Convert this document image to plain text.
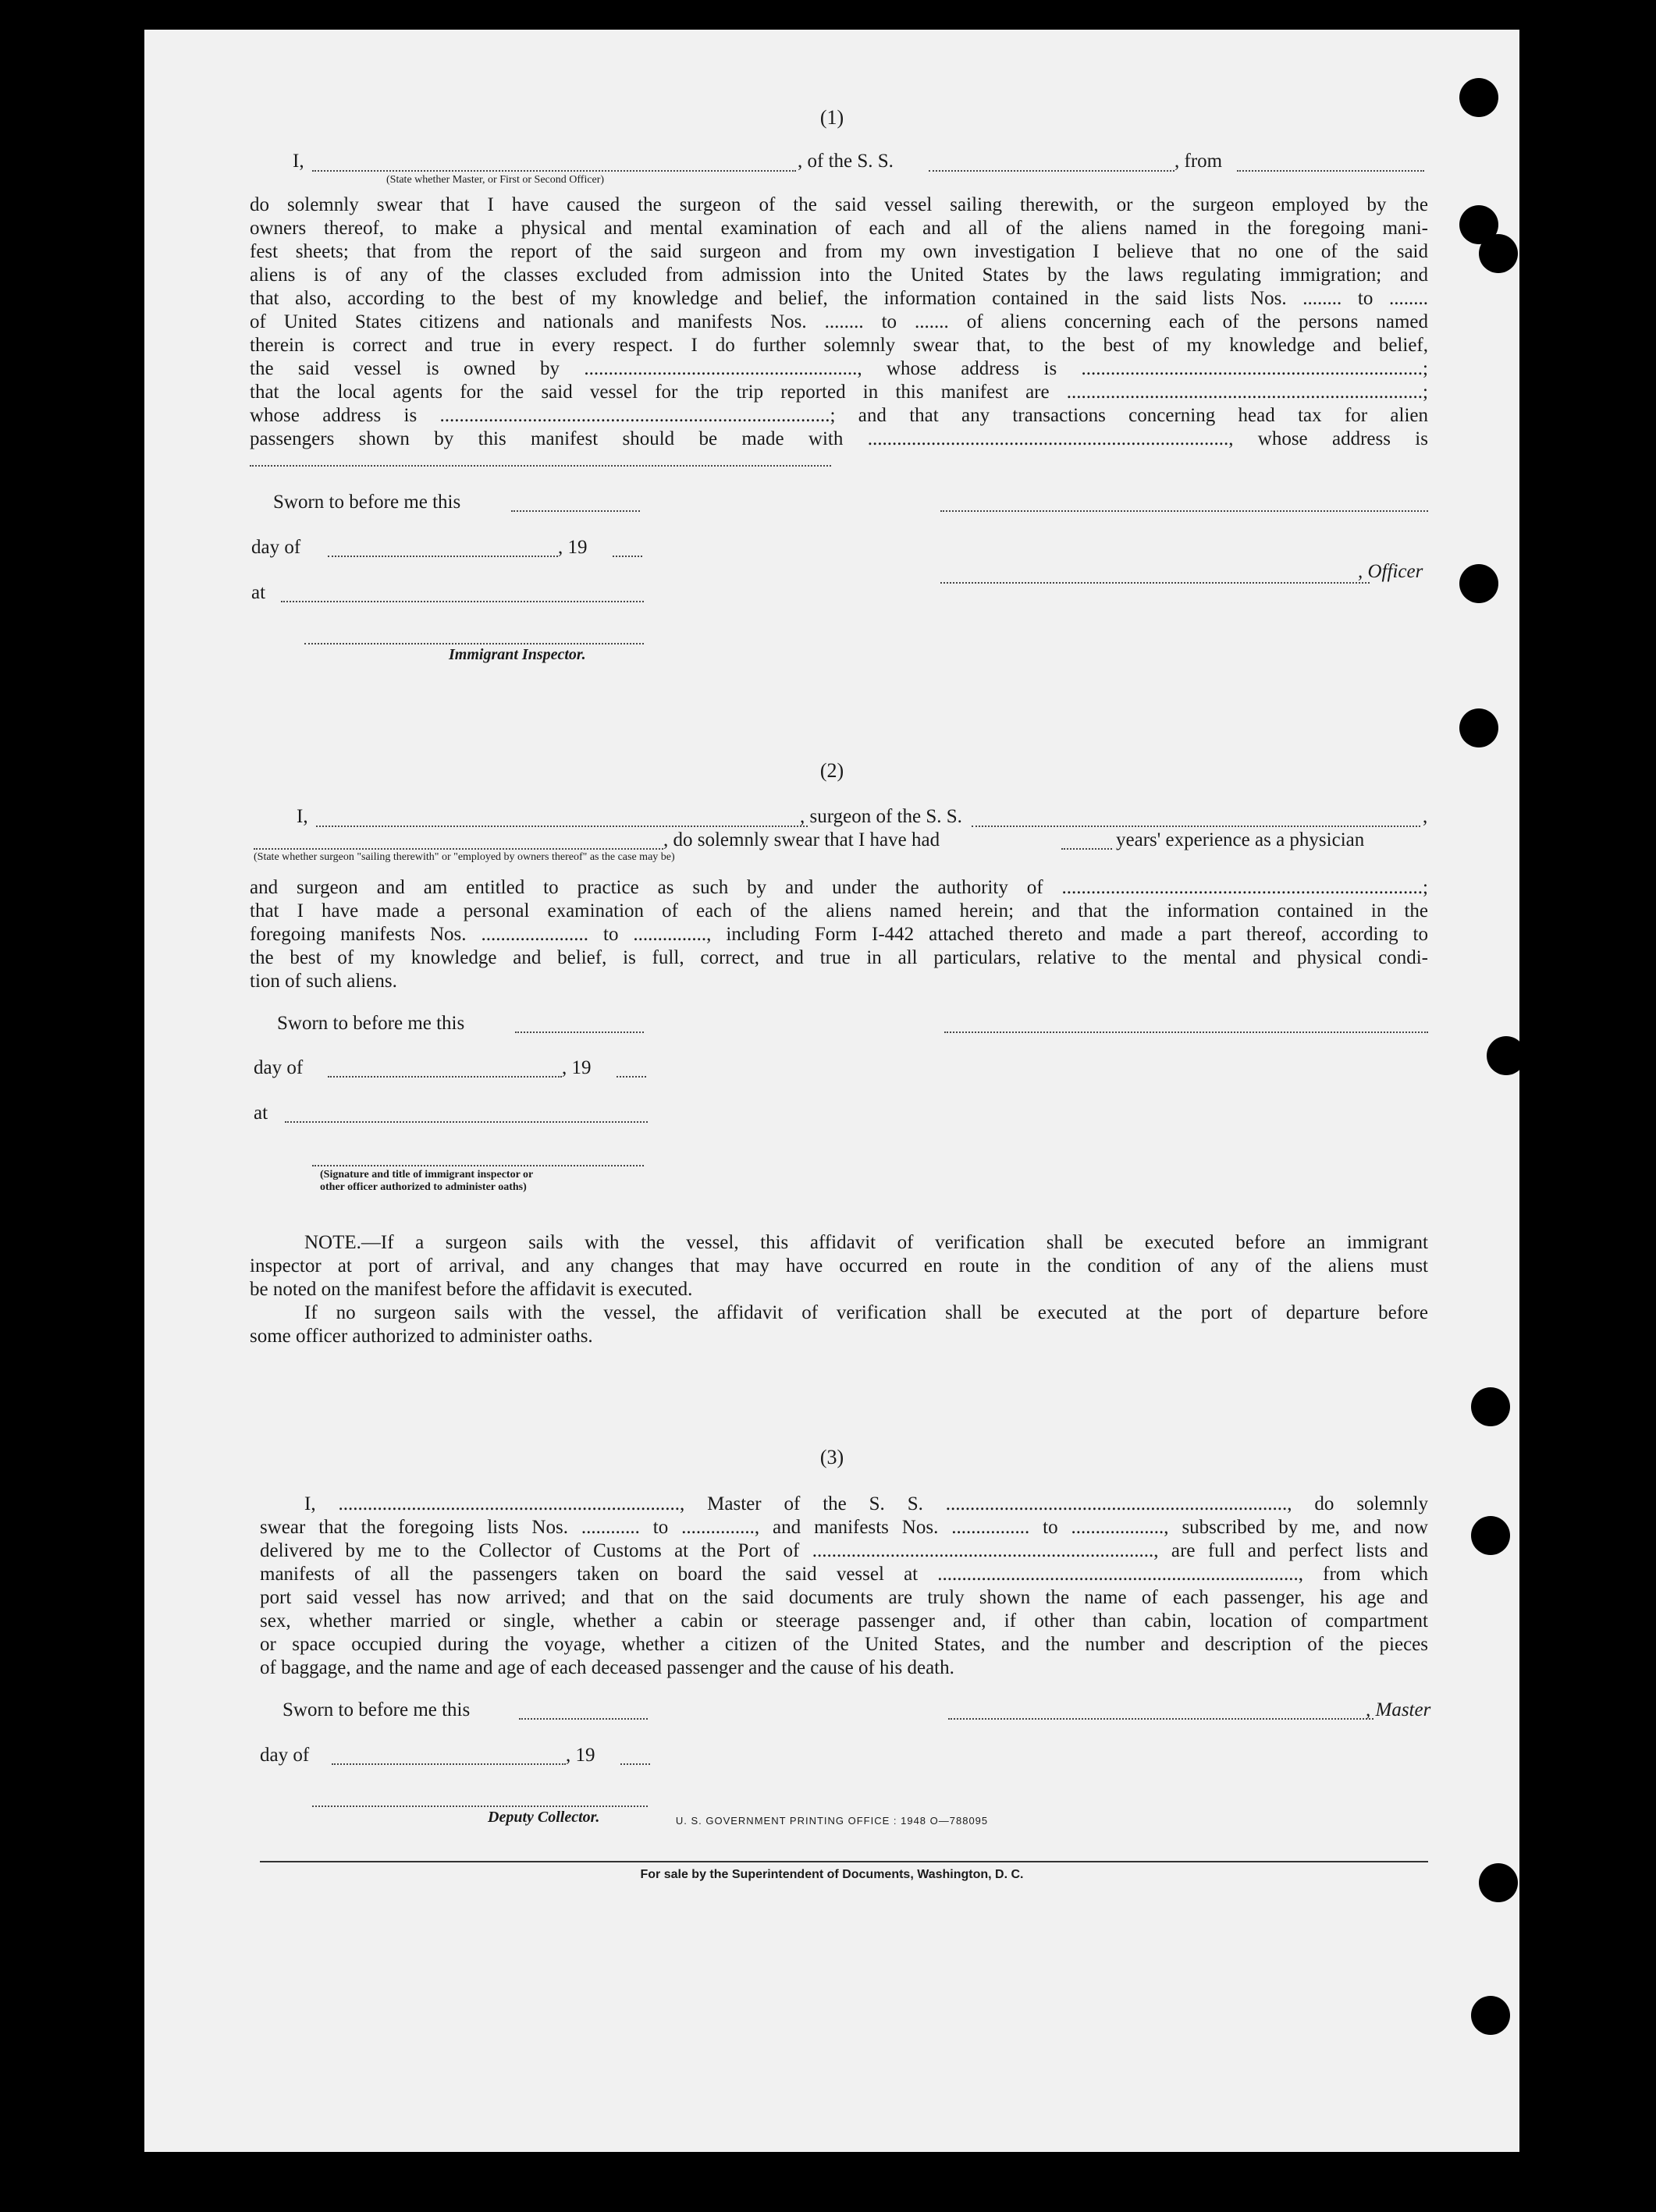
(1)
I,	, of the S. S.	, from
(State whether Master, or First or Second Officer)
do solemnly swear that I have caused the surgeon of the said vessel sailing therewith, or the surgeon employed by the
owners thereof, to make a physical and mental examination of each and all of the aliens named in the foregoing mani-
fest sheets; that from the report of the said surgeon and from my own investigation I believe that no one of the said
aliens is of any of the classes excluded from admission into the United States by the laws regulating immigration; and
that also, according to the best of my knowledge and belief, the information contained in the said lists Nos. ........ to ........
of United States citizens and nationals and manifests Nos. ........ to ....... of aliens concerning each of the persons named
therein is correct and true in every respect. I do further solemnly swear that, to the best of my knowledge and belief,
the said vessel is owned by ........................................................, whose address is ......................................................................;
that the local agents for the said vessel for the trip reported in this manifest are .........................................................................;
whose address is ................................................................................; and that any transactions concerning head tax for alien
passengers shown by this manifest should be made with .........................................................................., whose address is
Sworn to before me this
day of	, 19
, Officer
at
Immigrant Inspector.
(2)
I,	, surgeon of the S. S.	,
, do solemnly swear that I have had	years' experience as a physician
(State whether surgeon "sailing therewith" or "employed by owners thereof" as the case may be)
and surgeon and am entitled to practice as such by and under the authority of ..........................................................................;
that I have made a personal examination of each of the aliens named herein; and that the information contained in the
foregoing manifests Nos. ...................... to ..............., including Form I-442 attached thereto and made a part thereof, according to
the best of my knowledge and belief, is full, correct, and true in all particulars, relative to the mental and physical condi-
tion of such aliens.
Sworn to before me this
day of	, 19
at
(Signature and title of immigrant inspector or
other officer authorized to administer oaths)
NOTE.—If a surgeon sails with the vessel, this affidavit of verification shall be executed before an immigrant
inspector at port of arrival, and any changes that may have occurred en route in the condition of any of the aliens must
be noted on the manifest before the affidavit is executed.
If no surgeon sails with the vessel, the affidavit of verification shall be executed at the port of departure before
some officer authorized to administer oaths.
(3)
I, ......................................................................, Master of the S. S. ......................................................................, do solemnly
swear that the foregoing lists Nos. ............ to ..............., and manifests Nos. ................ to ..................., subscribed by me, and now
delivered by me to the Collector of Customs at the Port of ......................................................................, are full and perfect lists and
manifests of all the passengers taken on board the said vessel at .........................................................................., from which
port said vessel has now arrived; and that on the said documents are truly shown the name of each passenger, his age and
sex, whether married or single, whether a cabin or steerage passenger and, if other than cabin, location of compartment
or space occupied during the voyage, whether a citizen of the United States, and the number and description of the pieces
of baggage, and the name and age of each deceased passenger and the cause of his death.
Sworn to before me this	, Master
day of	, 19
Deputy Collector.	U. S. GOVERNMENT PRINTING OFFICE : 1948 O—788095
For sale by the Superintendent of Documents, Washington, D. C.
